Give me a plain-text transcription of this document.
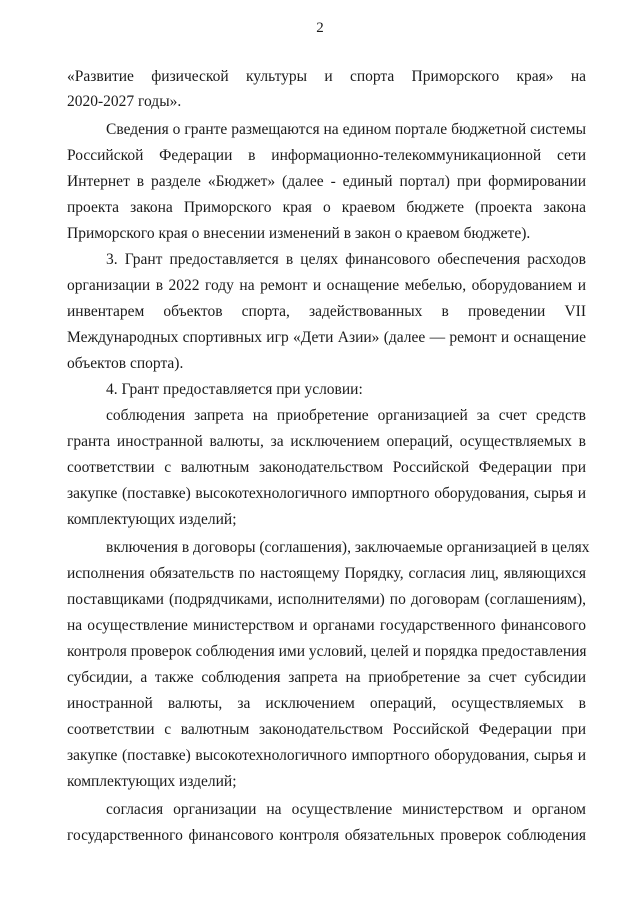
2
«Развитие физической культуры и спорта Приморского края» на
2020-2027 годы».
Сведения о гранте размещаются на едином портале бюджетной системы
Российской Федерации в информационно-телекоммуникационной сети
Интернет в разделе «Бюджет» (далее - единый портал) при формировании
проекта закона Приморского края о краевом бюджете (проекта закона
Приморского края о внесении изменений в закон о краевом бюджете).
3. Грант предоставляется в целях финансового обеспечения расходов
организации в 2022 году на ремонт и оснащение мебелью, оборудованием и
инвентарем объектов спорта, задействованных в проведении VII
Международных спортивных игр «Дети Азии» (далее — ремонт и оснащение
объектов спорта).
4. Грант предоставляется при условии:
соблюдения запрета на приобретение организацией за счет средств
гранта иностранной валюты, за исключением операций, осуществляемых в
соответствии с валютным законодательством Российской Федерации при
закупке (поставке) высокотехнологичного импортного оборудования, сырья и
комплектующих изделий;
включения в договоры (соглашения), заключаемые организацией в целях
исполнения обязательств по настоящему Порядку, согласия лиц, являющихся
поставщиками (подрядчиками, исполнителями) по договорам (соглашениям),
на осуществление министерством и органами государственного финансового
контроля проверок соблюдения ими условий, целей и порядка предоставления
субсидии, а также соблюдения запрета на приобретение за счет субсидии
иностранной валюты, за исключением операций, осуществляемых в
соответствии с валютным законодательством Российской Федерации при
закупке (поставке) высокотехнологичного импортного оборудования, сырья и
комплектующих изделий;
согласия организации на осуществление министерством и органом
государственного финансового контроля обязательных проверок соблюдения
